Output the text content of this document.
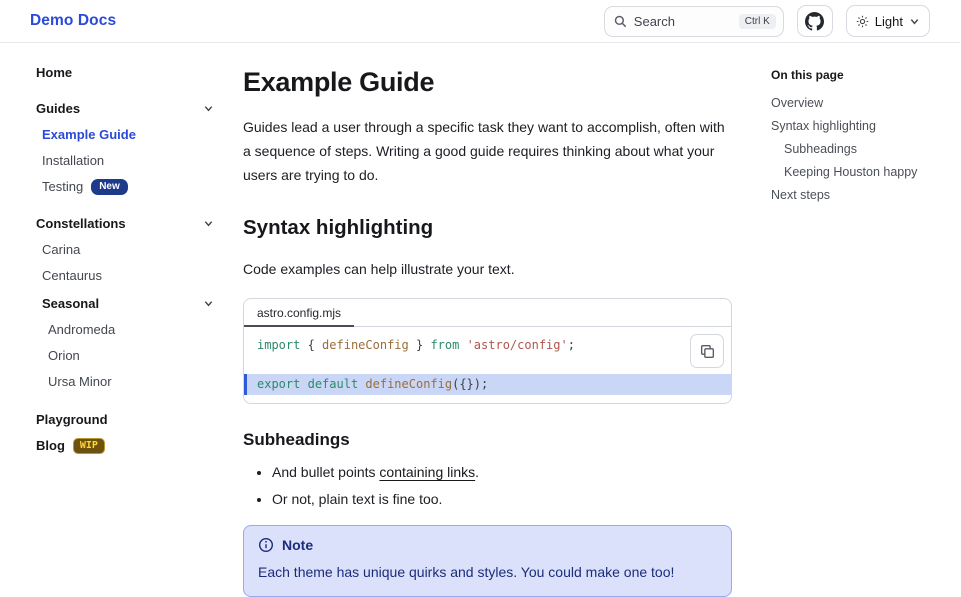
Demo Docs	Search	Ctrl K	Light
Home
Guides
Example Guide
Installation
Testing	New
Constellations
Carina
Centaurus
Seasonal
Andromeda
Orion
Ursa Minor
Playground
Blog	WIP
Example Guide

Guides lead a user through a specific task they want to accomplish, often with a sequence of steps. Writing a good guide requires thinking about what your users are trying to do.

Syntax highlighting

Code examples can help illustrate your text.

astro.config.mjs
import { defineConfig } from 'astro/config';
export default defineConfig({});
Subheadings
• And bullet points containing links.
• Or not, plain text is fine too.
Note

Each theme has unique quirks and styles. You could make one too!

On this page
Overview
Syntax highlighting
Subheadings
Keeping Houston happy
Next steps
